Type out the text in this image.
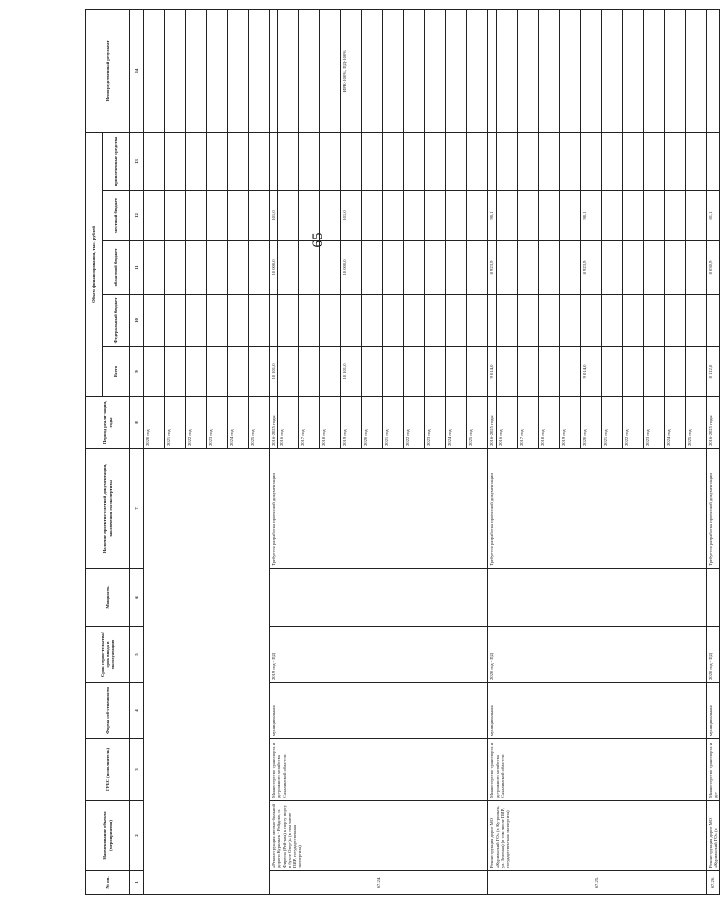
65
№ пп.	Наименование объекта (мероприятия)	ГРБС (исполнитель)	Форма соб-ственности	Срок строи-тельства/ срок ввода в эксплуатацию	Мощность	Наличие проектно-сметной документации, заключения госэкспертизы	Период реали-зации, годы	Объем финансирования, тыс. рублей					Непосредственный результат
								Всего	Федеральный бюджет	областной бюджет	местный бюджет	привлеченные средства	
1	2	3	4	5	6	7	8	9	10	11	12	13	14
							2020 год						
							2021 год						
							2022 год						
							2023 год						
							2024 год						
							2025 год						
67.24.	«Реконструкция автомо-бильной дороги Курильск - Рейдово, п. Фирюза (Рей-ква) к порту порту в бухте Озер-)» (в том числе ПИР, государственная экспертиза)	Министерство транспорта и до-рожного хозяйства Сахалинской обла-сти	муниципальная	2019 год - ПД		Требуется разработка проектной документации	2016-2025 годы	10 101,0		10 000,0	101,0		
							2016 год						
							2017 год						
							2018 год						
							2019 год	10 101,0		10 000,0	101,0		ИРК-100%, ПД-100%
							2020 год						
							2021 год						
							2022 год						
							2023 год						
							2024 год						
							2025 год						
67.25.	Реконструкция дорог МО «Курильский ГО» (г. Ку-рильск, ул. Зеленая) (в том числе ПИР, государствен-ная экспертиза)	Министерство транспорта и до-рожного хозяйства Сахалинской обла-сти	муниципальная	2020 год - ПД		Требуется разработка проектной документации	2016-2025 годы	9 014,0		8 923,9	90,1		
							2016 год						
							2017 год						
							2018 год						
							2019 год						
							2020 год	9 014,0		8 923,9	90,1		
							2021 год						
							2022 год						
							2023 год						
							2024 год						
							2025 год						
67.26.	Реконструкция дорог МО «Курильский ГО» (г.	Министерство транспорта и до-	муниципальная	2020 год - ПД		Требуется разработка проектной документации	2016-2025 годы	8 112,0		8 030,9	81,1		
